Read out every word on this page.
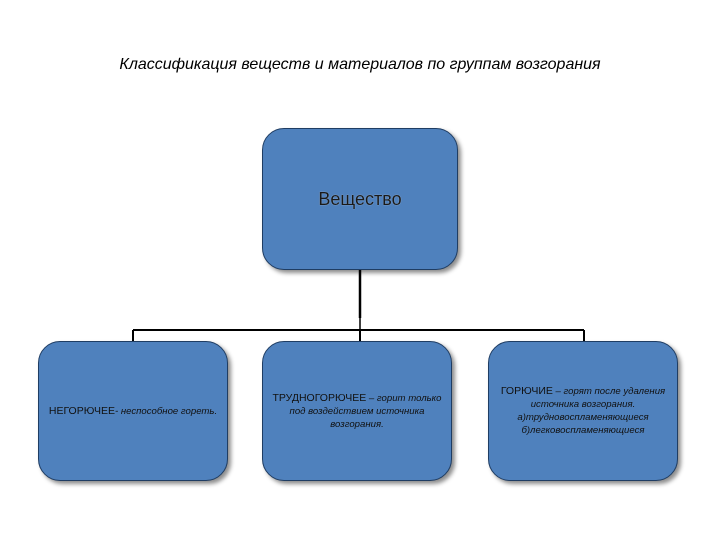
Классификация веществ и материалов по группам возгорания
Вещество
НЕГОРЮЧЕЕ- неспособное гореть.
ТРУДНОГОРЮЧЕЕ – горит только под воздействием источника возгорания.
ГОРЮЧИЕ – горят после удаления источника возгорания.
а)трудновоспламеняющиеся
б)легковоспламеняющиеся
